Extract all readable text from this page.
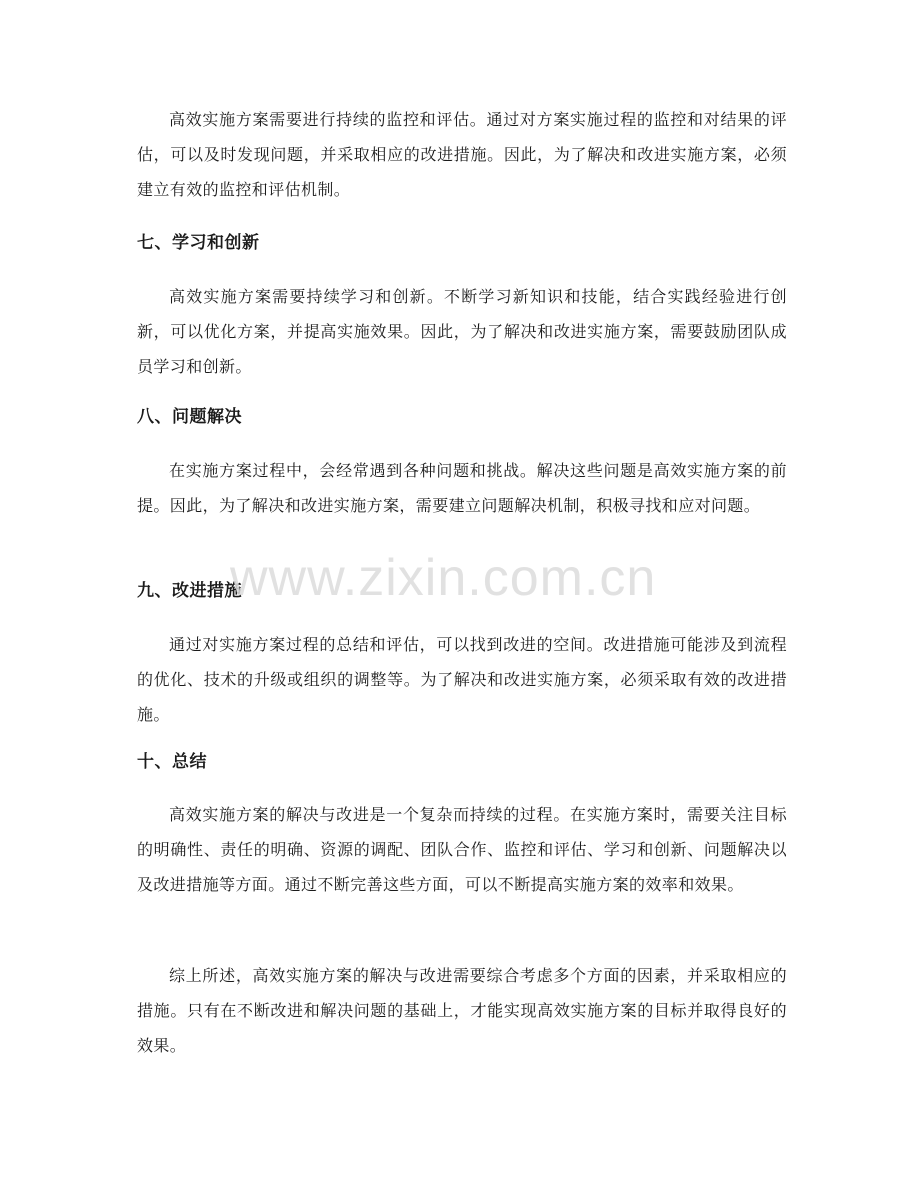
高效实施方案需要进行持续的监控和评估。通过对方案实施过程的监控和对结果的评估，可以及时发现问题，并采取相应的改进措施。因此，为了解决和改进实施方案，必须建立有效的监控和评估机制。

七、学习和创新

高效实施方案需要持续学习和创新。不断学习新知识和技能，结合实践经验进行创新，可以优化方案，并提高实施效果。因此，为了解决和改进实施方案，需要鼓励团队成员学习和创新。

八、问题解决

在实施方案过程中，会经常遇到各种问题和挑战。解决这些问题是高效实施方案的前提。因此，为了解决和改进实施方案，需要建立问题解决机制，积极寻找和应对问题。

九、改进措施

通过对实施方案过程的总结和评估，可以找到改进的空间。改进措施可能涉及到流程的优化、技术的升级或组织的调整等。为了解决和改进实施方案，必须采取有效的改进措施。

十、总结

高效实施方案的解决与改进是一个复杂而持续的过程。在实施方案时，需要关注目标的明确性、责任的明确、资源的调配、团队合作、监控和评估、学习和创新、问题解决以及改进措施等方面。通过不断完善这些方面，可以不断提高实施方案的效率和效果。

综上所述，高效实施方案的解决与改进需要综合考虑多个方面的因素，并采取相应的措施。只有在不断改进和解决问题的基础上，才能实现高效实施方案的目标并取得良好的效果。

www.zixin.com.cn
